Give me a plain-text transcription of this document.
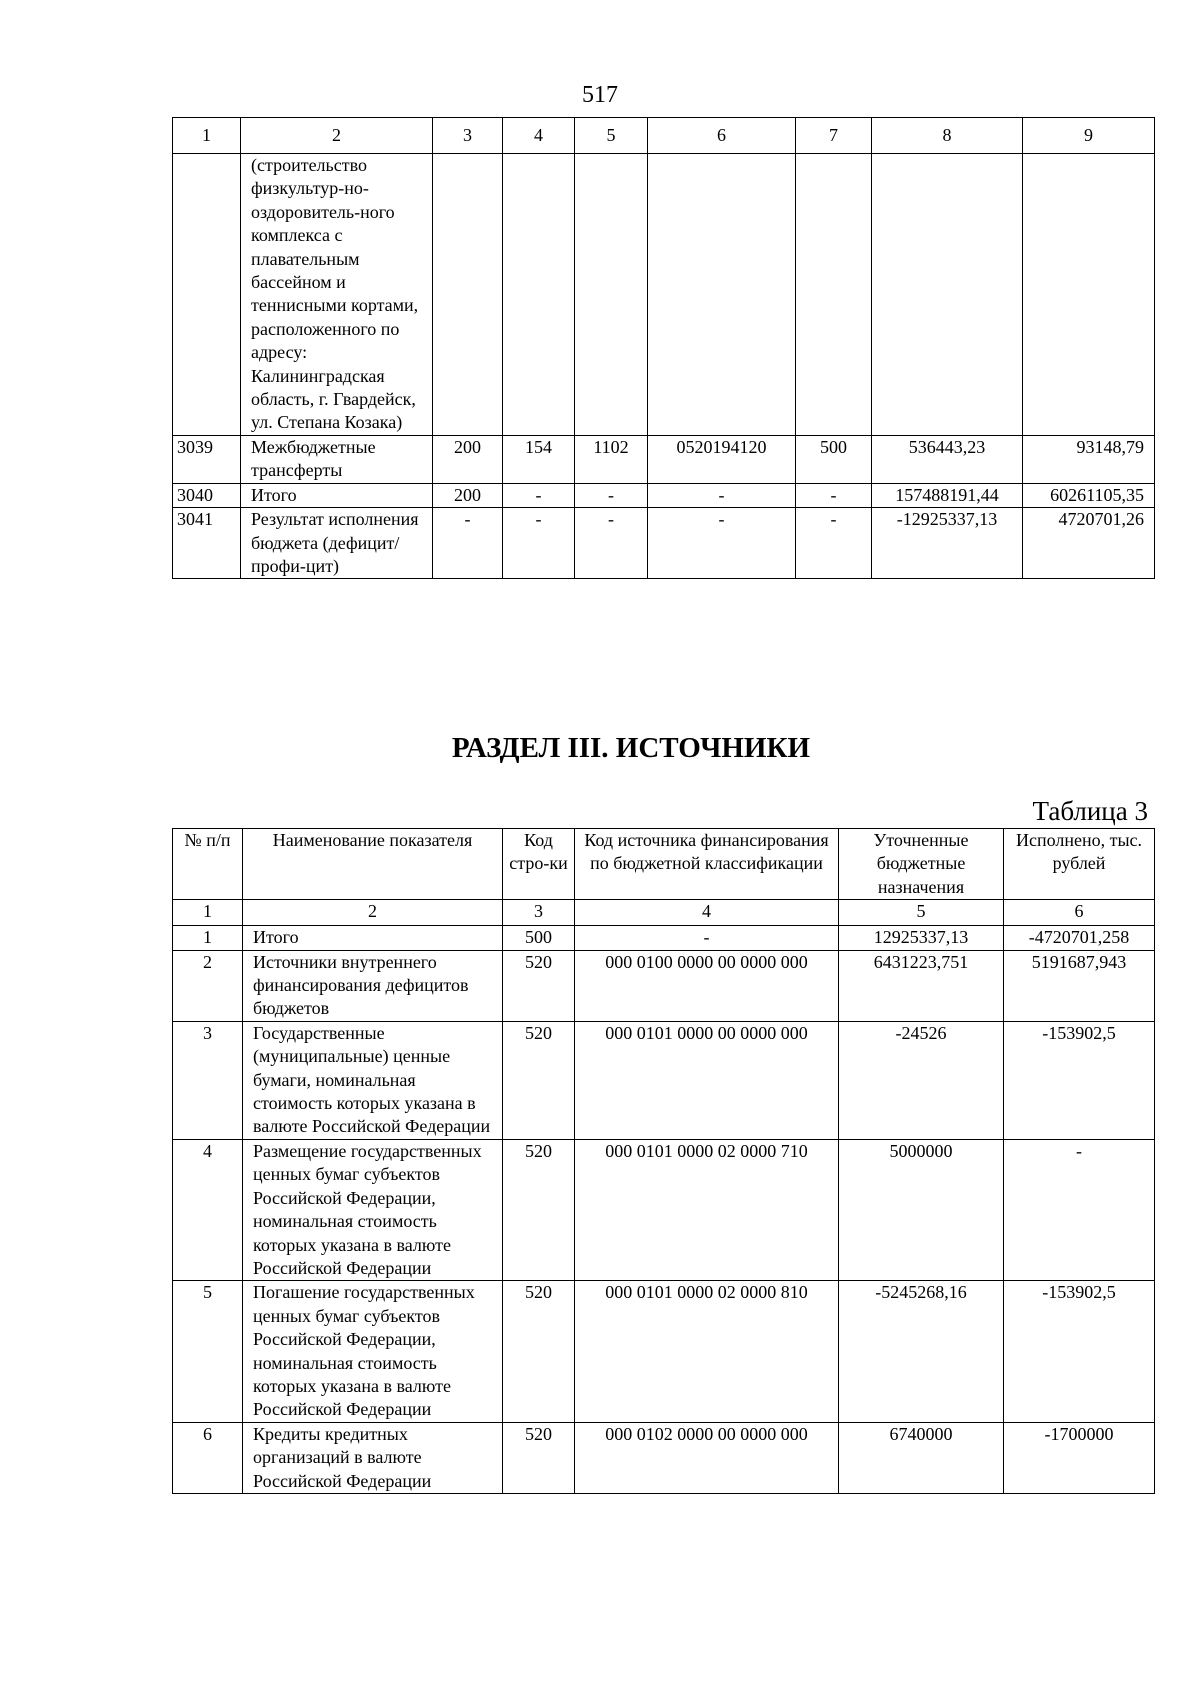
517
1	2	3	4	5	6	7	8	9
	(строительство физкультур-но-оздоровитель-ного комплекса с плавательным бассейном и теннисными кортами, расположенного по адресу: Калининградская область, г. Гвардейск, ул. Степана Козака)							
3039	Межбюджетные трансферты	200	154	1102	0520194120	500	536443,23	93148,79
3040	Итого	200	-	-	-	-	157488191,44	60261105,35
3041	Результат исполнения бюджета (дефицит/профи-цит)	-	-	-	-	-	-12925337,13	4720701,26
РАЗДЕЛ III. ИСТОЧНИКИ
Таблица 3
№ п/п	Наименование показателя	Код стро-ки	Код источника финансирования по бюджетной классификации	Уточненные бюджетные назначения	Исполнено, тыс. рублей
1	2	3	4	5	6
1	Итого	500	-	12925337,13	-4720701,258
2	Источники внутреннего финансирования дефицитов бюджетов	520	000 0100 0000 00 0000 000	6431223,751	5191687,943
3	Государственные (муниципальные) ценные бумаги, номинальная стоимость которых указана в валюте Российской Федерации	520	000 0101 0000 00 0000 000	-24526	-153902,5
4	Размещение государственных ценных бумаг субъектов Российской Федерации, номинальная стоимость которых указана в валюте Российской Федерации	520	000 0101 0000 02 0000 710	5000000	-
5	Погашение государственных ценных бумаг субъектов Российской Федерации, номинальная стоимость которых указана в валюте Российской Федерации	520	000 0101 0000 02 0000 810	-5245268,16	-153902,5
6	Кредиты кредитных организаций в валюте Российской Федерации	520	000 0102 0000 00 0000 000	6740000	-1700000
